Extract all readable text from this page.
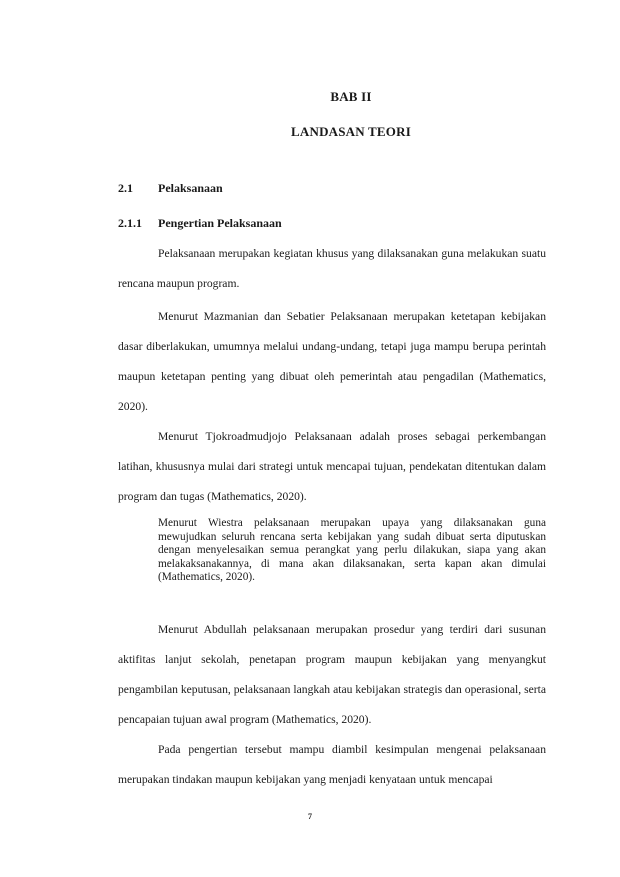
BAB II
LANDASAN TEORI
2.1 Pelaksanaan
2.1.1 Pengertian Pelaksanaan

Pelaksanaan merupakan kegiatan khusus yang dilaksanakan guna melakukan suatu rencana maupun program.

Menurut Mazmanian dan Sebatier Pelaksanaan merupakan ketetapan kebijakan dasar diberlakukan, umumnya melalui undang-undang, tetapi juga mampu berupa perintah maupun ketetapan penting yang dibuat oleh pemerintah atau pengadilan (Mathematics, 2020).

Menurut Tjokroadmudjojo Pelaksanaan adalah proses sebagai perkembangan latihan, khususnya mulai dari strategi untuk mencapai tujuan, pendekatan ditentukan dalam program dan tugas (Mathematics, 2020).

Menurut Wiestra pelaksanaan merupakan upaya yang dilaksanakan guna mewujudkan seluruh rencana serta kebijakan yang sudah dibuat serta diputuskan dengan menyelesaikan semua perangkat yang perlu dilakukan, siapa yang akan melakaksanakannya, di mana akan dilaksanakan, serta kapan akan dimulai (Mathematics, 2020).

Menurut Abdullah pelaksanaan merupakan prosedur yang terdiri dari susunan aktifitas lanjut sekolah, penetapan program maupun kebijakan yang menyangkut pengambilan keputusan, pelaksanaan langkah atau kebijakan strategis dan operasional, serta pencapaian tujuan awal program (Mathematics, 2020).

Pada pengertian tersebut mampu diambil kesimpulan mengenai pelaksanaan merupakan tindakan maupun kebijakan yang menjadi kenyataan untuk mencapai

7
